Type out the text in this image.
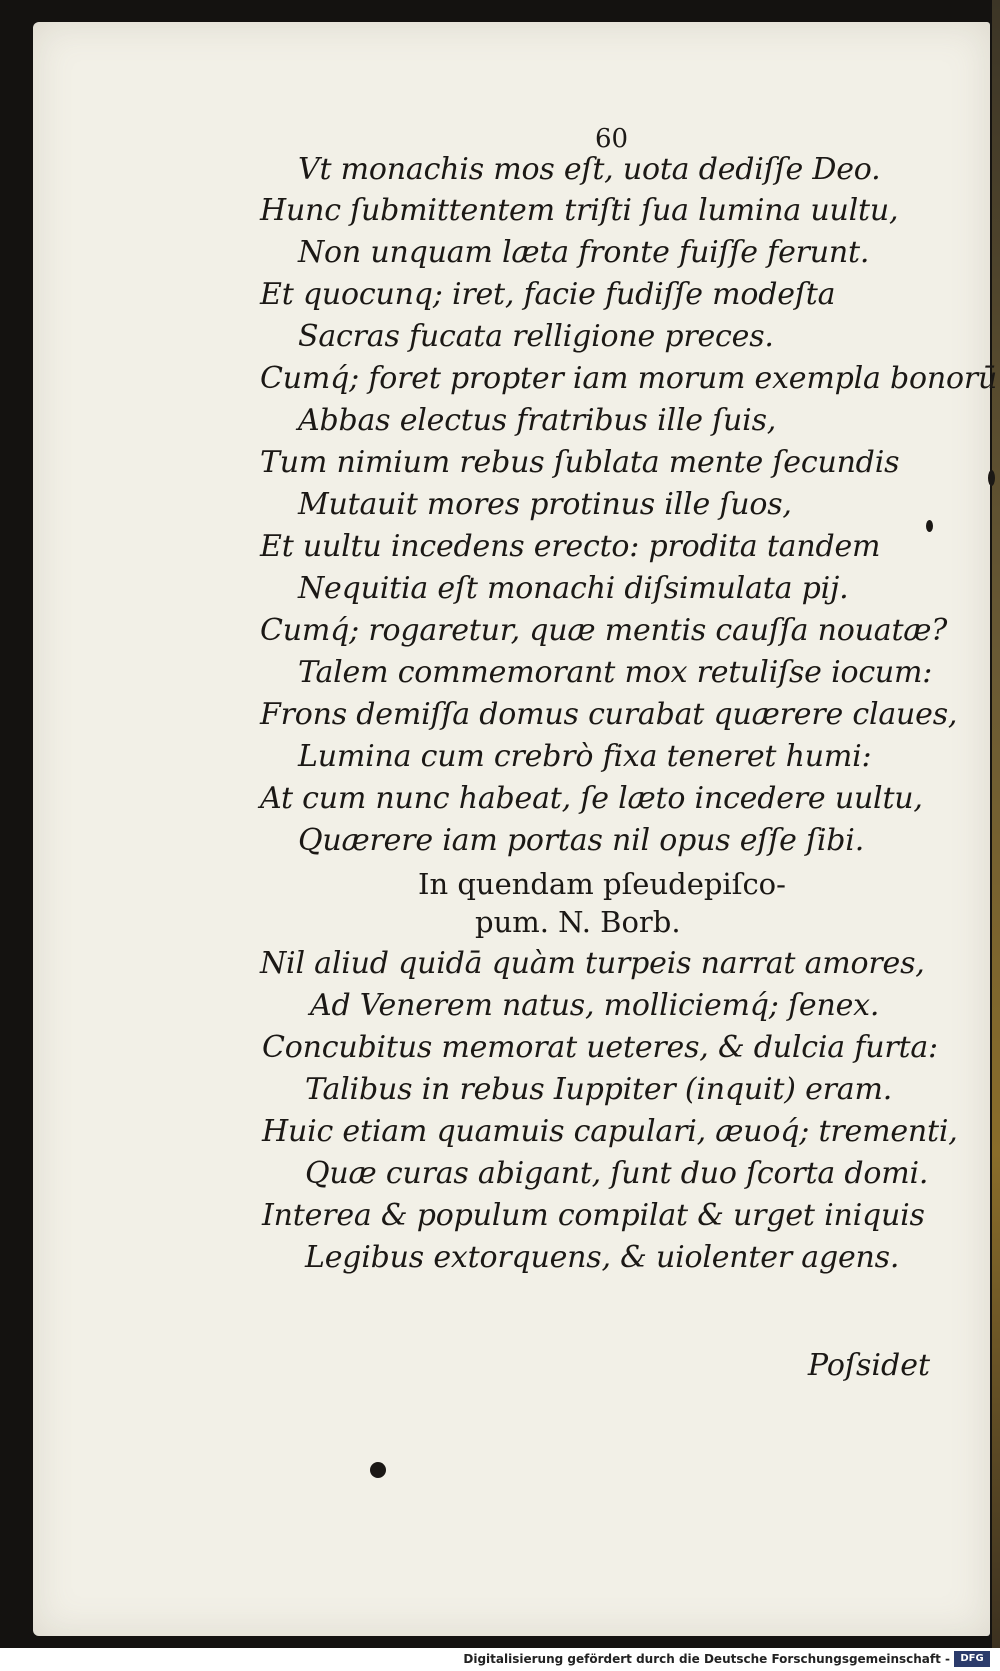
60
Vt monachis mos eſt, uota dediſſe Deo.
Hunc ſubmittentem triſti ſua lumina uultu,
Non unquam læta fronte fuiſſe ferunt.
Et quocunq; iret, facie fudiſſe modeſta
Sacras fucata relligione preces.
Cumq́; foret propter iam morum exempla bonorū
Abbas electus fratribus ille ſuis,
Tum nimium rebus ſublata mente ſecundis
Mutauit mores protinus ille ſuos,
Et uultu incedens erecto: prodita tandem
Nequitia eſt monachi diſsimulata pij.
Cumq́; rogaretur, quæ mentis cauſſa nouatæ?
Talem commemorant mox retuliſse iocum:
Frons demiſſa domus curabat quærere claues,
Lumina cum crebrò fixa teneret humi:
At cum nunc habeat, ſe læto incedere uultu,
Quærere iam portas nil opus eſſe ſibi.
In quendam pſeudepiſco-
pum. N. Borb.
Nil aliud quidā quàm turpeis narrat amores,
Ad Venerem natus, molliciemq́; ſenex.
Concubitus memorat ueteres, & dulcia furta:
Talibus in rebus Iuppiter (inquit) eram.
Huic etiam quamuis capulari, æuoq́; trementi,
Quæ curas abigant, ſunt duo ſcorta domi.
Interea & populum compilat & urget iniquis
Legibus extorquens, & uiolenter agens.
Poſsidet
Digitalisierung gefördert durch die Deutsche Forschungsgemeinschaft -	DFG
